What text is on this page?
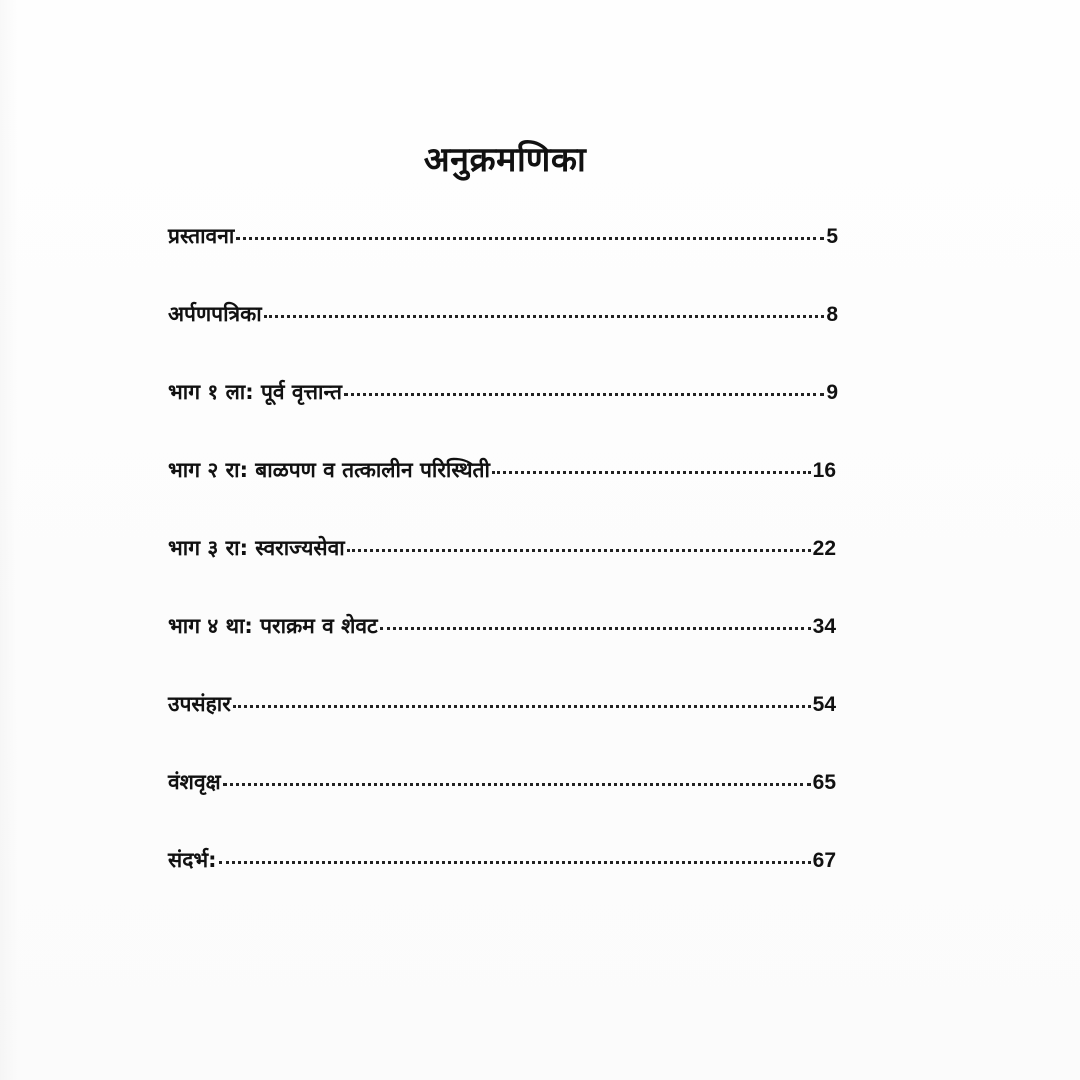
अनुक्रमणिका
प्रस्तावना	5
अर्पणपत्रिका	8
भाग १ ला: पूर्व वृत्तान्त	9
भाग २ रा: बाळपण व तत्कालीन परिस्थिती	16
भाग ३ रा: स्वराज्यसेवा	22
भाग ४ था: पराक्रम व शेवट	34
उपसंहार	54
वंशवृक्ष	65
संदर्भ:	67
